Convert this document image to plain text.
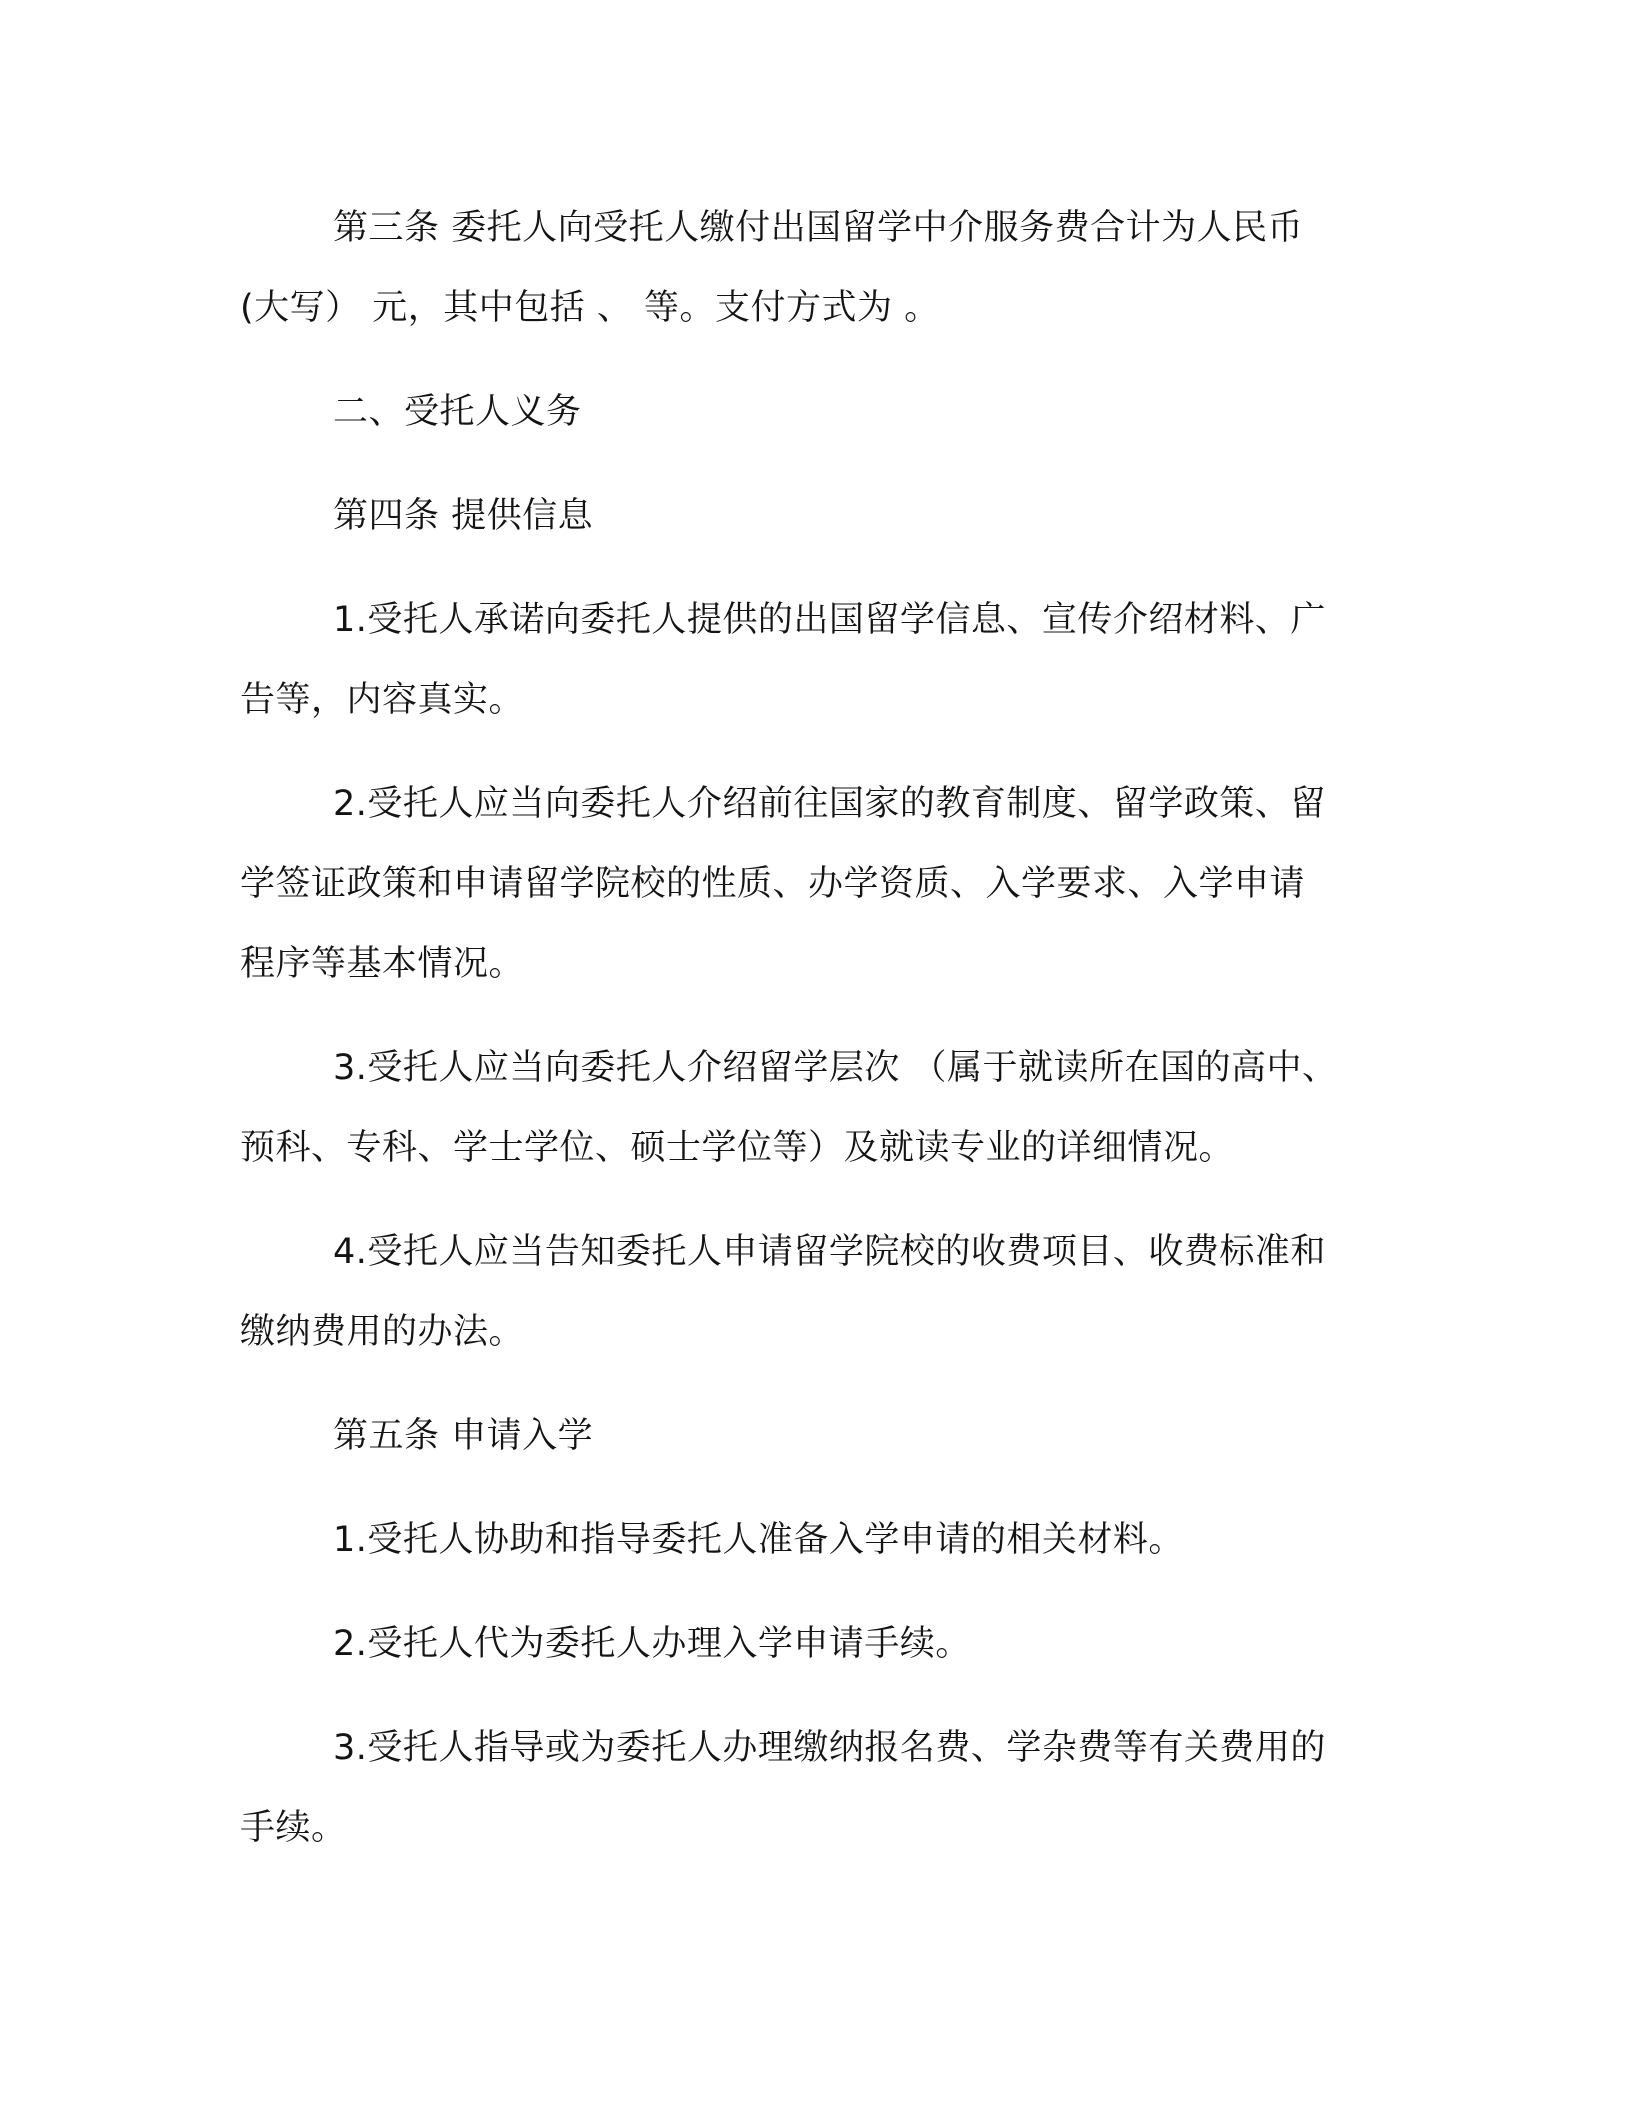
第三条 委托人向受托人缴付出国留学中介服务费合计为人民币
(大写） 元，其中包括 、 等。支付方式为 。
二、受托人义务
第四条 提供信息
1.受托人承诺向委托人提供的出国留学信息、宣传介绍材料、广
告等，内容真实。
2.受托人应当向委托人介绍前往国家的教育制度、留学政策、留
学签证政策和申请留学院校的性质、办学资质、入学要求、入学申请
程序等基本情况。
3.受托人应当向委托人介绍留学层次 （属于就读所在国的高中、
预科、专科、学士学位、硕士学位等）及就读专业的详细情况。
4.受托人应当告知委托人申请留学院校的收费项目、收费标准和
缴纳费用的办法。
第五条 申请入学
1.受托人协助和指导委托人准备入学申请的相关材料。
2.受托人代为委托人办理入学申请手续。
3.受托人指导或为委托人办理缴纳报名费、学杂费等有关费用的
手续。
